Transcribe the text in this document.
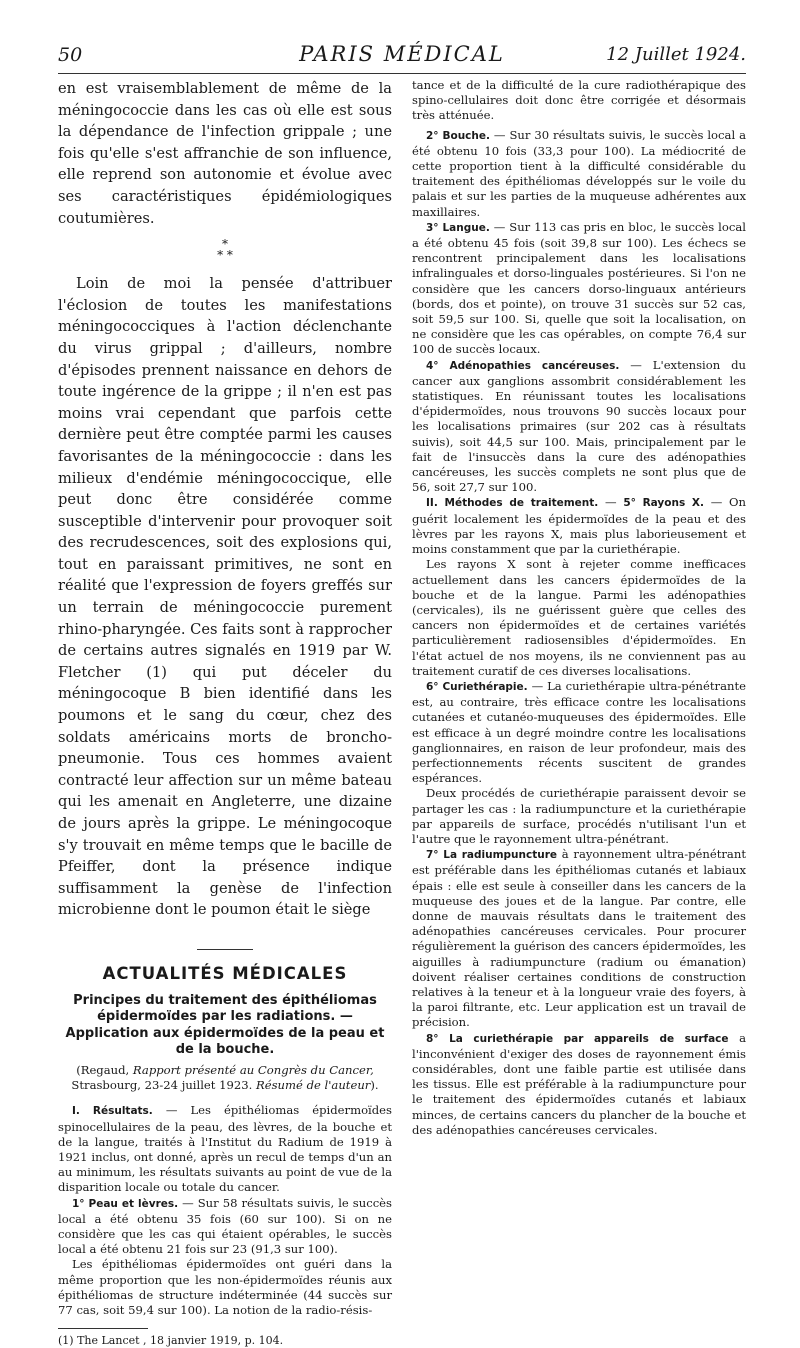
50	PARIS MÉDICAL	12 Juillet 1924.

en est vraisemblablement de même de la méningococcie dans les cas où elle est sous la dépendance de l'infection grippale ; une fois qu'elle s'est affranchie de son influence, elle reprend son autonomie et évolue avec ses caractéristiques épidémiologiques coutumières.

*
* *

Loin de moi la pensée d'attribuer l'éclosion de toutes les manifestations méningococciques à l'action déclenchante du virus grippal ; d'ailleurs, nombre d'épisodes prennent naissance en dehors de toute ingérence de la grippe ; il n'en est pas moins vrai cependant que parfois cette dernière peut être comptée parmi les causes favorisantes de la méningococcie : dans les milieux d'endémie méningococcique, elle peut donc être considérée comme susceptible d'intervenir pour provoquer soit des recrudescences, soit des explosions qui, tout en paraissant primitives, ne sont en réalité que l'expression de foyers greffés sur un terrain de méningococcie purement rhino-pharyngée. Ces faits sont à rapprocher de certains autres signalés en 1919 par W. Fletcher (1) qui put déceler du méningocoque B bien identifié dans les poumons et le sang du cœur, chez des soldats américains morts de broncho-pneumonie. Tous ces hommes avaient contracté leur affection sur un même bateau qui les amenait en Angleterre, une dizaine de jours après la grippe. Le méningocoque s'y trouvait en même temps que le bacille de Pfeiffer, dont la présence indique suffisamment la genèse de l'infection microbienne dont le poumon était le siège

ACTUALITÉS MÉDICALES
Principes du traitement des épithéliomas épidermoïdes par les radiations. — Application aux épidermoïdes de la peau et de la bouche.

(Regaud, Rapport présenté au Congrès du Cancer, Strasbourg, 23-24 juillet 1923. Résumé de l'auteur).

I. Résultats. — Les épithéliomas épidermoïdes spinocellulaires de la peau, des lèvres, de la bouche et de la langue, traités à l'Institut du Radium de 1919 à 1921 inclus, ont donné, après un recul de temps d'un an au minimum, les résultats suivants au point de vue de la disparition locale ou totale du cancer.

1° Peau et lèvres. — Sur 58 résultats suivis, le succès local a été obtenu 35 fois (60 sur 100). Si on ne considère que les cas qui étaient opérables, le succès local a été obtenu 21 fois sur 23 (91,3 sur 100).

Les épithéliomas épidermoïdes ont guéri dans la même proportion que les non-épidermoïdes réunis aux épithéliomas de structure indéterminée (44 succès sur 77 cas, soit 59,4 sur 100). La notion de la radio-résis-

(1) The Lancet , 18 janvier 1919, p. 104.

tance et de la difficulté de la cure radiothérapique des spino-cellulaires doit donc être corrigée et désormais très atténuée.

2° Bouche. — Sur 30 résultats suivis, le succès local a été obtenu 10 fois (33,3 pour 100). La médiocrité de cette proportion tient à la difficulté considérable du traitement des épithéliomas développés sur le voile du palais et sur les parties de la muqueuse adhérentes aux maxillaires.

3° Langue. — Sur 113 cas pris en bloc, le succès local a été obtenu 45 fois (soit 39,8 sur 100). Les échecs se rencontrent principalement dans les localisations infralinguales et dorso-linguales postérieures. Si l'on ne considère que les cancers dorso-linguaux antérieurs (bords, dos et pointe), on trouve 31 succès sur 52 cas, soit 59,5 sur 100. Si, quelle que soit la localisation, on ne considère que les cas opérables, on compte 76,4 sur 100 de succès locaux.

4° Adénopathies cancéreuses. — L'extension du cancer aux ganglions assombrit considérablement les statistiques. En réunissant toutes les localisations d'épidermoïdes, nous trouvons 90 succès locaux pour les localisations primaires (sur 202 cas à résultats suivis), soit 44,5 sur 100. Mais, principalement par le fait de l'insuccès dans la cure des adénopathies cancéreuses, les succès complets ne sont plus que de 56, soit 27,7 sur 100.

II. Méthodes de traitement. — 5° Rayons X. — On guérit localement les épidermoïdes de la peau et des lèvres par les rayons X, mais plus laborieusement et moins constamment que par la curiethérapie.

Les rayons X sont à rejeter comme inefficaces actuellement dans les cancers épidermoïdes de la bouche et de la langue. Parmi les adénopathies (cervicales), ils ne guérissent guère que celles des cancers non épidermoïdes et de certaines variétés particulièrement radiosensibles d'épidermoïdes. En l'état actuel de nos moyens, ils ne conviennent pas au traitement curatif de ces diverses localisations.

6° Curiethérapie. — La curiethérapie ultra-pénétrante est, au contraire, très efficace contre les localisations cutanées et cutanéo-muqueuses des épidermoïdes. Elle est efficace à un degré moindre contre les localisations ganglionnaires, en raison de leur profondeur, mais des perfectionnements récents suscitent de grandes espérances.

Deux procédés de curiethérapie paraissent devoir se partager les cas : la radiumpuncture et la curiethérapie par appareils de surface, procédés n'utilisant l'un et l'autre que le rayonnement ultra-pénétrant.

7° La radiumpuncture à rayonnement ultra-pénétrant est préférable dans les épithéliomas cutanés et labiaux épais : elle est seule à conseiller dans les cancers de la muqueuse des joues et de la langue. Par contre, elle donne de mauvais résultats dans le traitement des adénopathies cancéreuses cervicales. Pour procurer régulièrement la guérison des cancers épidermoïdes, les aiguilles à radiumpuncture (radium ou émanation) doivent réaliser certaines conditions de construction relatives à la teneur et à la longueur vraie des foyers, à la paroi filtrante, etc. Leur application est un travail de précision.

8° La curiethérapie par appareils de surface a l'inconvénient d'exiger des doses de rayonnement émis considérables, dont une faible partie est utilisée dans les tissus. Elle est préférable à la radiumpuncture pour le traitement des épidermoïdes cutanés et labiaux minces, de certains cancers du plancher de la bouche et des adénopathies cancéreuses cervicales.
